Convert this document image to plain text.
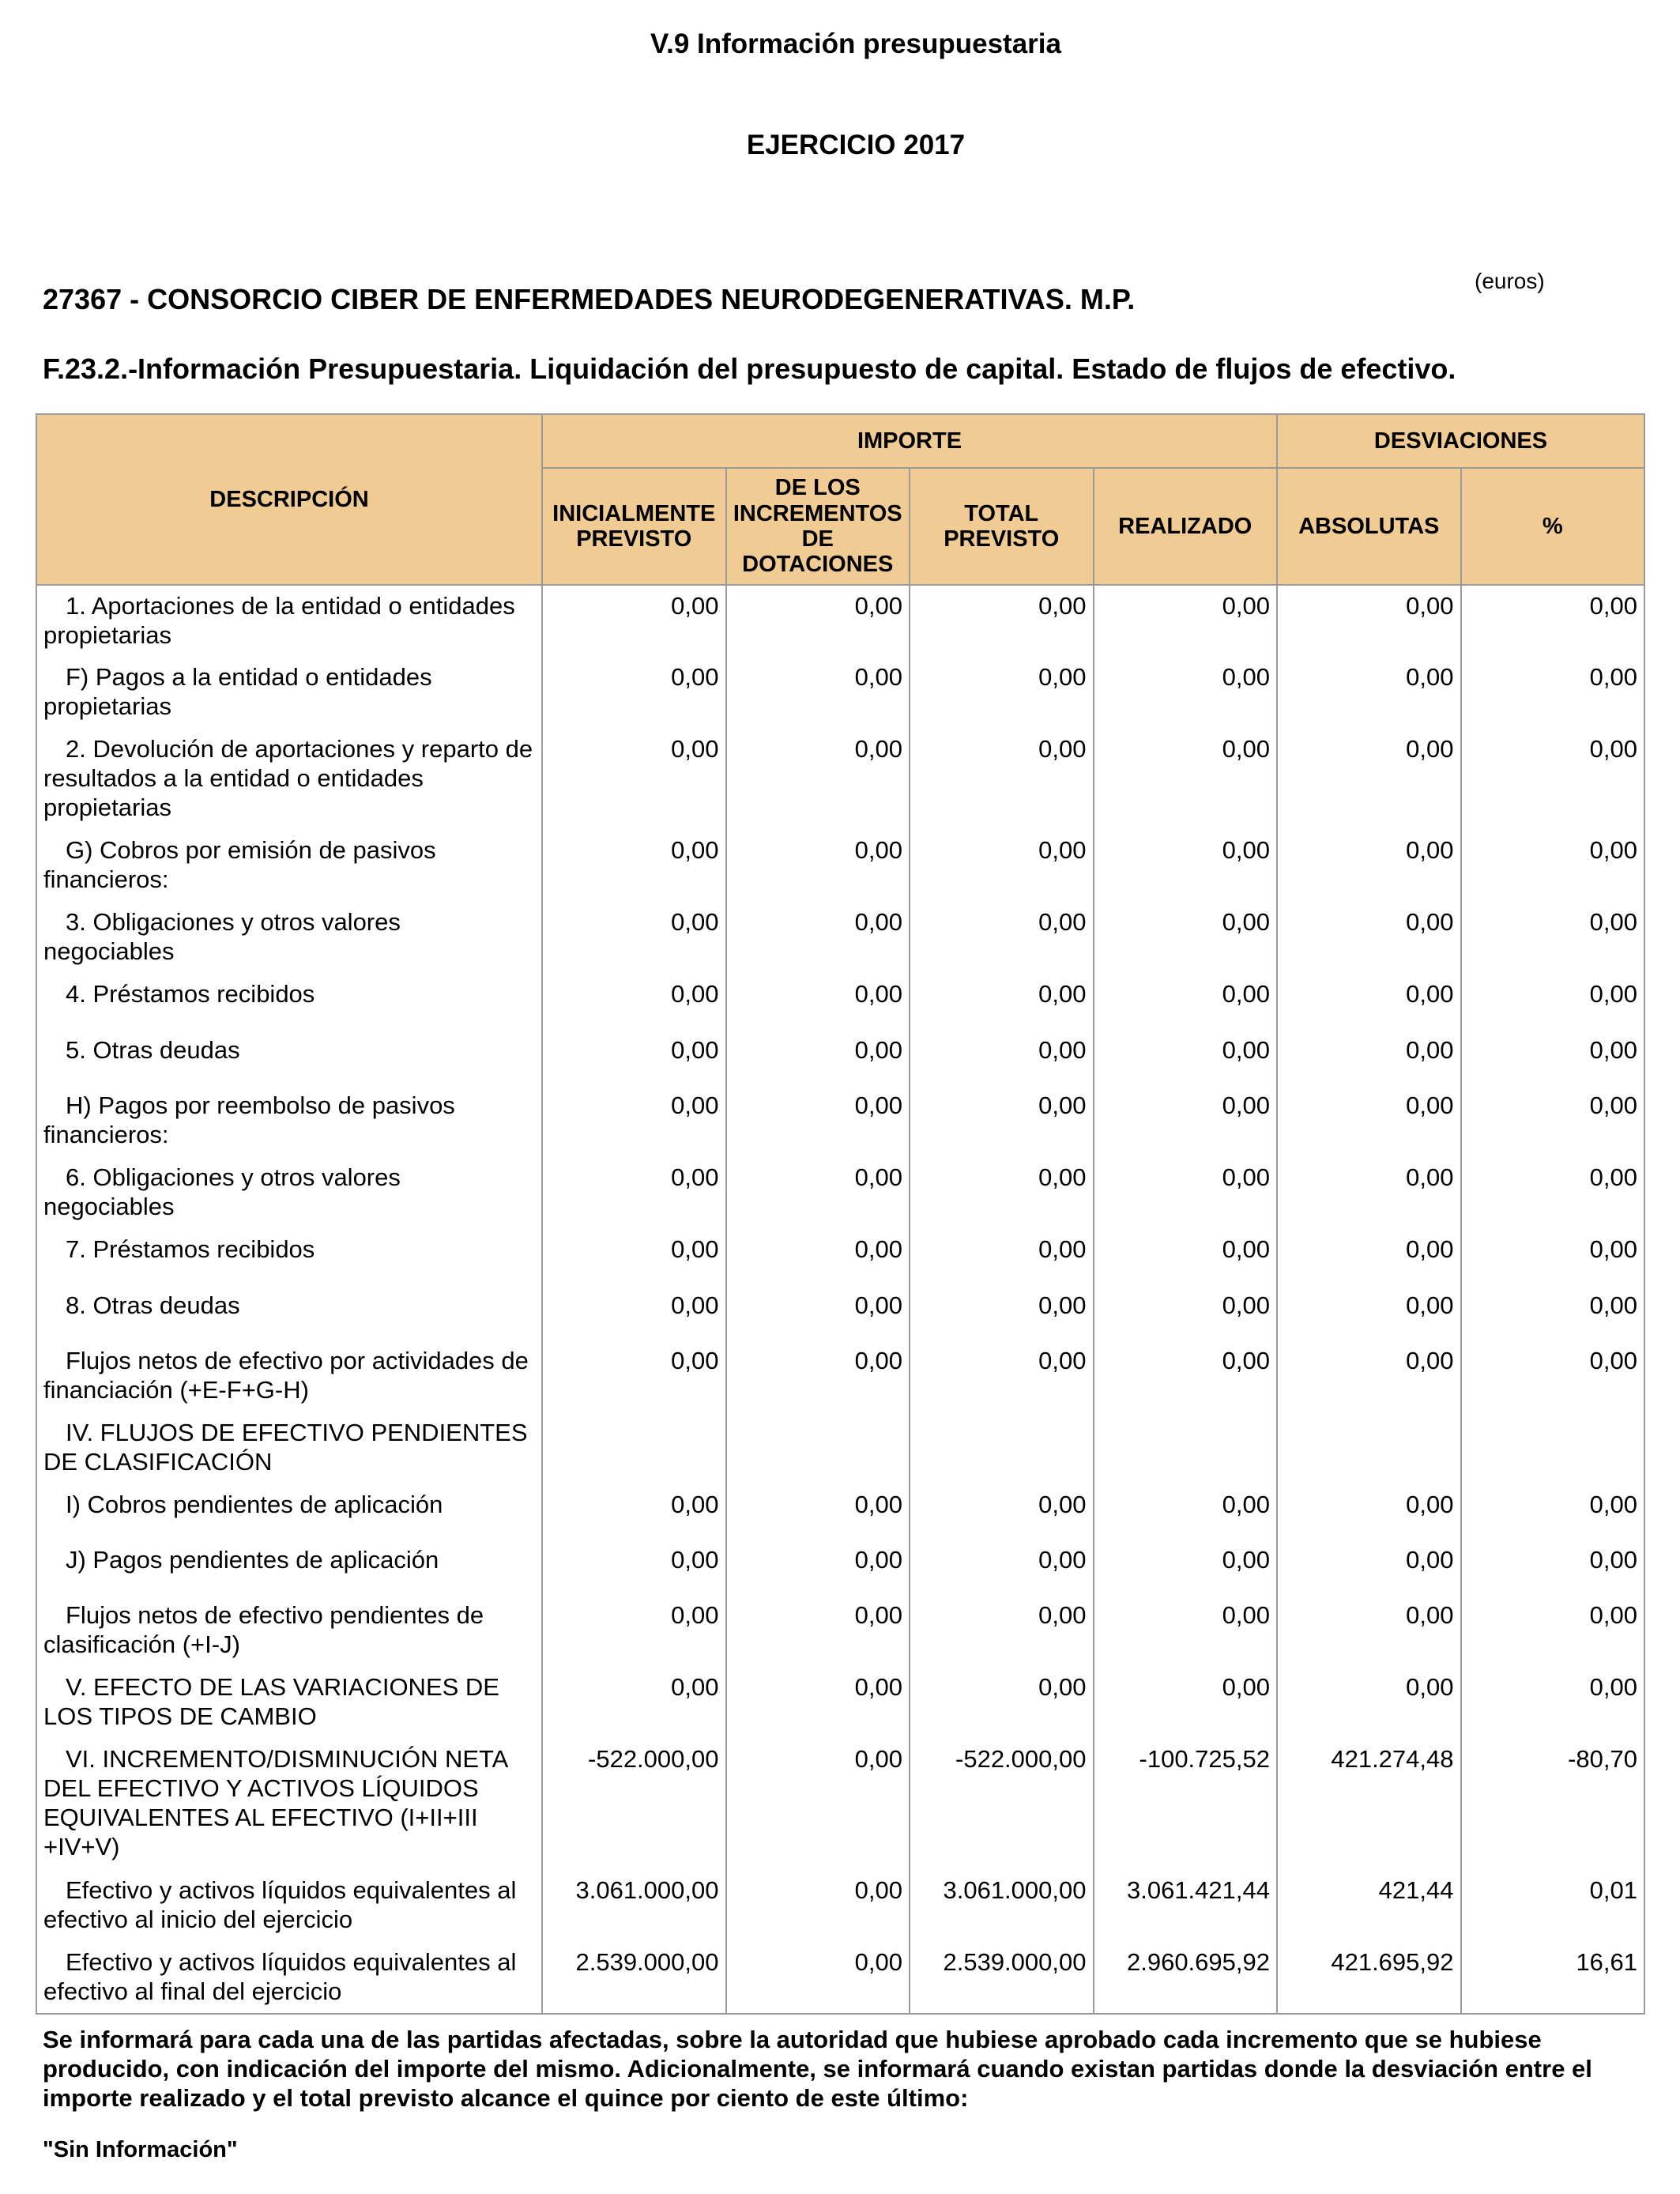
V.9 Información presupuestaria
EJERCICIO 2017
(euros)
27367 - CONSORCIO CIBER DE ENFERMEDADES NEURODEGENERATIVAS. M.P.
F.23.2.-Información Presupuestaria. Liquidación del presupuesto de capital. Estado de flujos de efectivo.
DESCRIPCIÓN	IMPORTE				DESVIACIONES	
	INICIALMENTE PREVISTO	DE LOS INCREMENTOS DE DOTACIONES	TOTAL PREVISTO	REALIZADO	ABSOLUTAS	%
1. Aportaciones de la entidad o entidades propietarias	0,00	0,00	0,00	0,00	0,00	0,00
F) Pagos a la entidad o entidades propietarias	0,00	0,00	0,00	0,00	0,00	0,00
2. Devolución de aportaciones y reparto de resultados a la entidad o entidades propietarias	0,00	0,00	0,00	0,00	0,00	0,00
G) Cobros por emisión de pasivos financieros:	0,00	0,00	0,00	0,00	0,00	0,00
3. Obligaciones y otros valores negociables	0,00	0,00	0,00	0,00	0,00	0,00
4. Préstamos recibidos	0,00	0,00	0,00	0,00	0,00	0,00
5. Otras deudas	0,00	0,00	0,00	0,00	0,00	0,00
H) Pagos por reembolso de pasivos financieros:	0,00	0,00	0,00	0,00	0,00	0,00
6. Obligaciones y otros valores negociables	0,00	0,00	0,00	0,00	0,00	0,00
7. Préstamos recibidos	0,00	0,00	0,00	0,00	0,00	0,00
8. Otras deudas	0,00	0,00	0,00	0,00	0,00	0,00
Flujos netos de efectivo por actividades de financiación (+E-F+G-H)	0,00	0,00	0,00	0,00	0,00	0,00
IV. FLUJOS DE EFECTIVO PENDIENTES DE CLASIFICACIÓN						
I) Cobros pendientes de aplicación	0,00	0,00	0,00	0,00	0,00	0,00
J) Pagos pendientes de aplicación	0,00	0,00	0,00	0,00	0,00	0,00
Flujos netos de efectivo pendientes de clasificación (+I-J)	0,00	0,00	0,00	0,00	0,00	0,00
V. EFECTO DE LAS VARIACIONES DE LOS TIPOS DE CAMBIO	0,00	0,00	0,00	0,00	0,00	0,00
VI. INCREMENTO/DISMINUCIÓN NETA DEL EFECTIVO Y ACTIVOS LÍQUIDOS EQUIVALENTES AL EFECTIVO (I+II+III +IV+V)	-522.000,00	0,00	-522.000,00	-100.725,52	421.274,48	-80,70
Efectivo y activos líquidos equivalentes al efectivo al inicio del ejercicio	3.061.000,00	0,00	3.061.000,00	3.061.421,44	421,44	0,01
Efectivo y activos líquidos equivalentes al efectivo al final del ejercicio	2.539.000,00	0,00	2.539.000,00	2.960.695,92	421.695,92	16,61
Se informará para cada una de las partidas afectadas, sobre la autoridad que hubiese aprobado cada incremento que se hubiese producido, con indicación del importe del mismo. Adicionalmente, se informará cuando existan partidas donde la desviación entre el importe realizado y el total previsto alcance el quince por ciento de este último:
"Sin Información"
